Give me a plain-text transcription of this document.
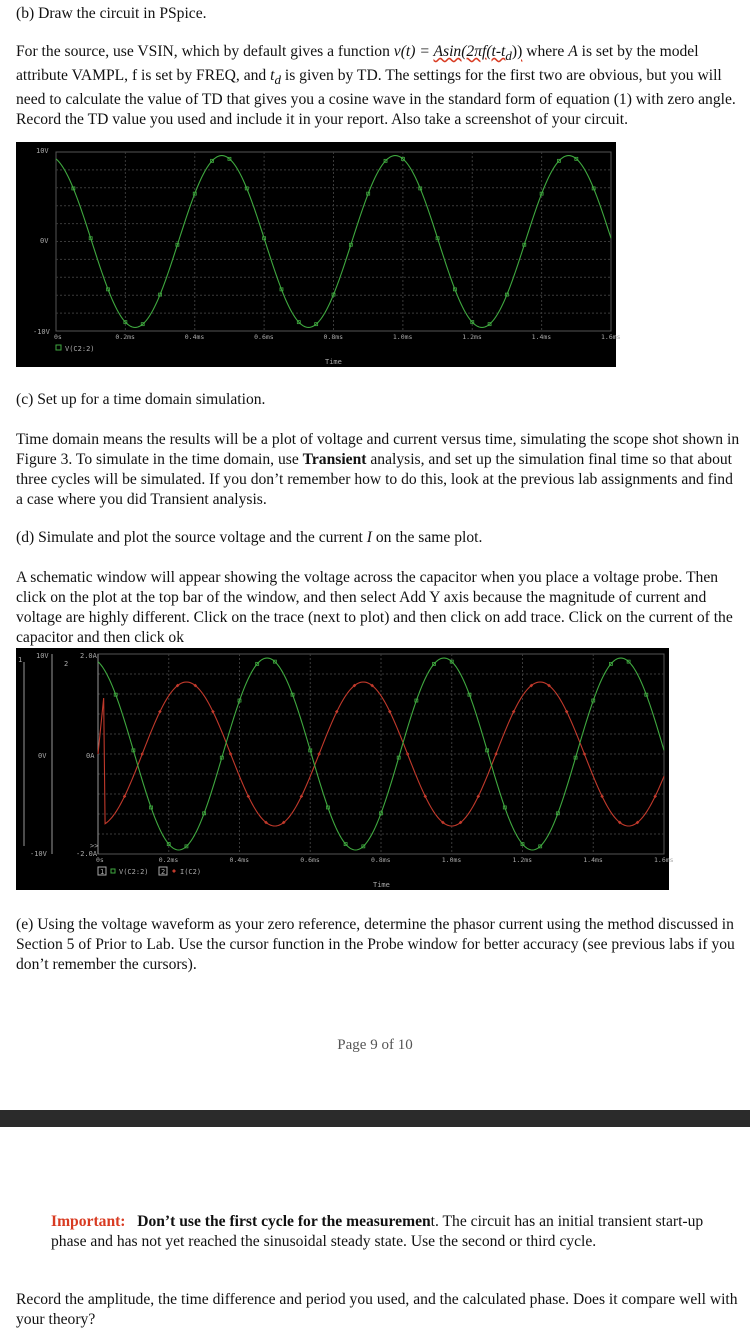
(b) Draw the circuit in PSpice.

For the source, use VSIN, which by default gives a function $v(t) = Asin(2\pi f(t-t_d))$ where A is set by the model attribute VAMPL, f is set by FREQ, and $t_d$ is given by TD. The settings for the first two are obvious, but you will need to calculate the value of TD that gives you a cosine wave in the standard form of equation (1) with zero angle. Record the TD value you used and include it in your report. Also take a screenshot of your circuit.

10V
0V
-10V
0s	0.2ms	0.4ms	0.6ms	0.8ms	1.0ms	1.2ms	1.4ms	1.6ms
Time
V(C2:2)

(c) Set up for a time domain simulation.

Time domain means the results will be a plot of voltage and current versus time, simulating the scope shot shown in Figure 3. To simulate in the time domain, use Transient analysis, and set up the simulation final time so that about three cycles will be simulated. If you don’t remember how to do this, look at the previous lab assignments and find a case where you did Transient analysis.

(d) Simulate and plot the source voltage and the current I on the same plot.

A schematic window will appear showing the voltage across the capacitor when you place a voltage probe. Then click on the plot at the top bar of the window, and then select Add Y axis because the magnitude of current and voltage are highly different. Click on the trace (next to plot) and then click on add trace. Click on the current of the capacitor and then click ok

1	2
10V
0V
-10V
2.0A
0A
>>
-2.0A
0s	0.2ms	0.4ms	0.6ms	0.8ms	1.0ms	1.2ms	1.4ms	1.6ms
Time
1 V(C2:2) 2 I(C2)

(e) Using the voltage waveform as your zero reference, determine the phasor current using the method discussed in Section 5 of Prior to Lab. Use the cursor function in the Probe window for better accuracy (see previous labs if you don’t remember the cursors).

Page 9 of 10

Important: Don’t use the first cycle for the measurement. The circuit has an initial transient start-up phase and has not yet reached the sinusoidal steady state. Use the second or third cycle.

Record the amplitude, the time difference and period you used, and the calculated phase. Does it compare well with your theory?
